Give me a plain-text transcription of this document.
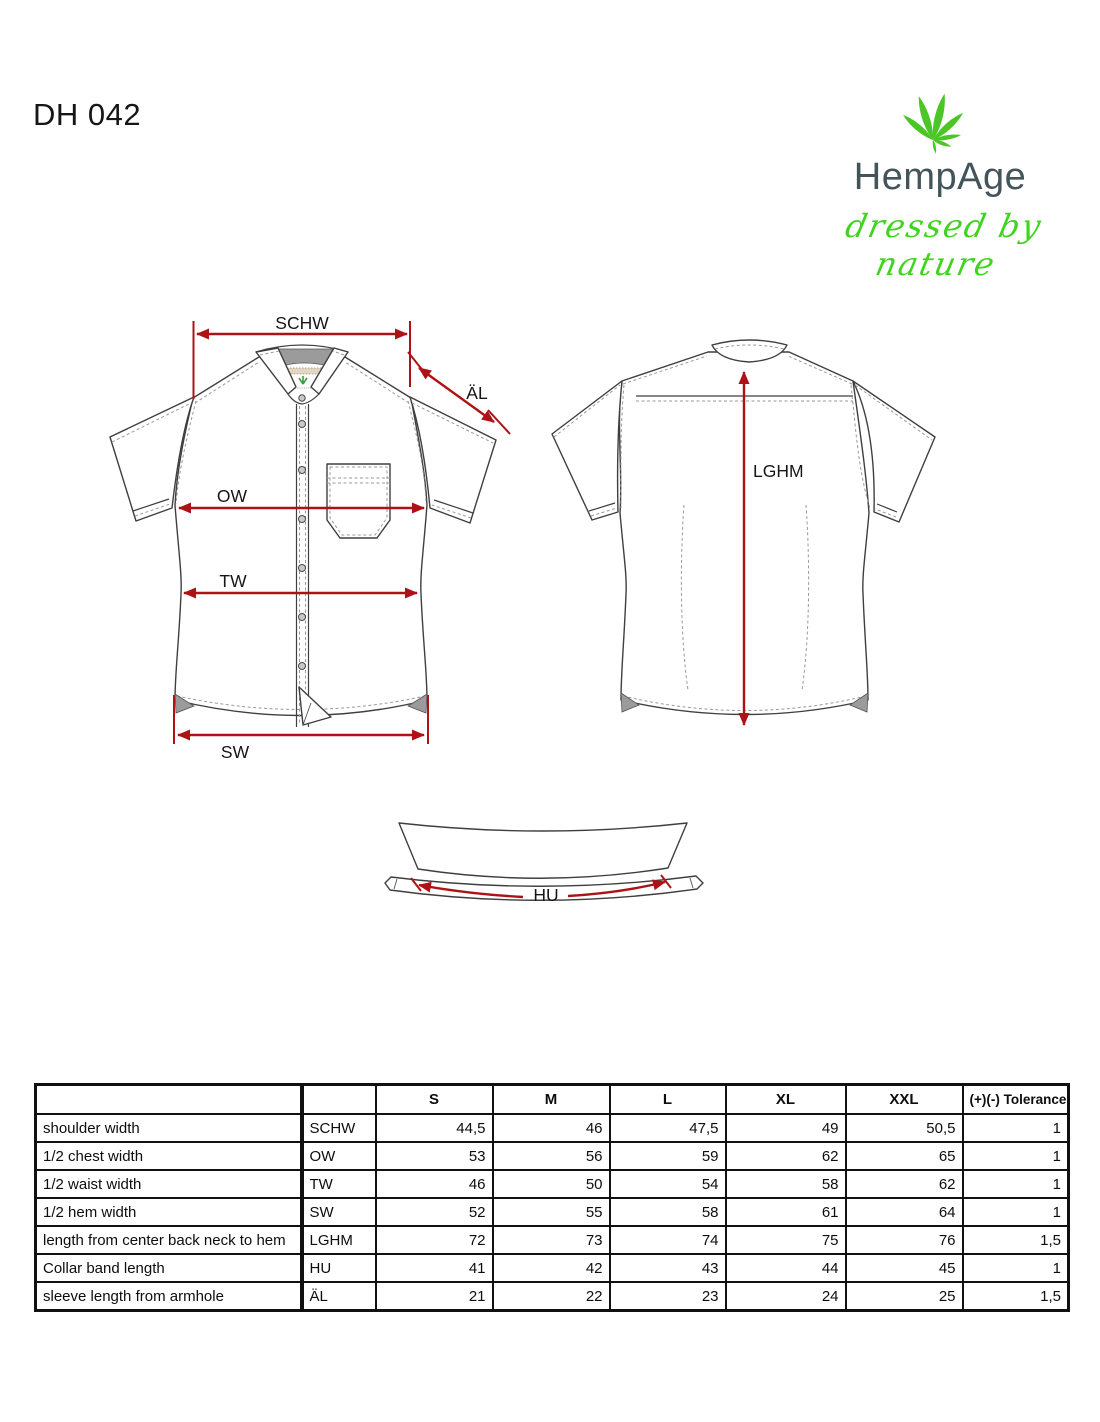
DH 042
HempAge
dressed by nature
SCHW
ÄL
OW
TW
SW
LGHM
HU
		S	M	L	XL	XXL	(+)(-) Tolerance
shoulder width	SCHW	44,5	46	47,5	49	50,5	1
1/2 chest width	OW	53	56	59	62	65	1
1/2 waist width	TW	46	50	54	58	62	1
1/2 hem width	SW	52	55	58	61	64	1
length from center back neck to hem	LGHM	72	73	74	75	76	1,5
Collar band length	HU	41	42	43	44	45	1
sleeve length from armhole	ÄL	21	22	23	24	25	1,5
